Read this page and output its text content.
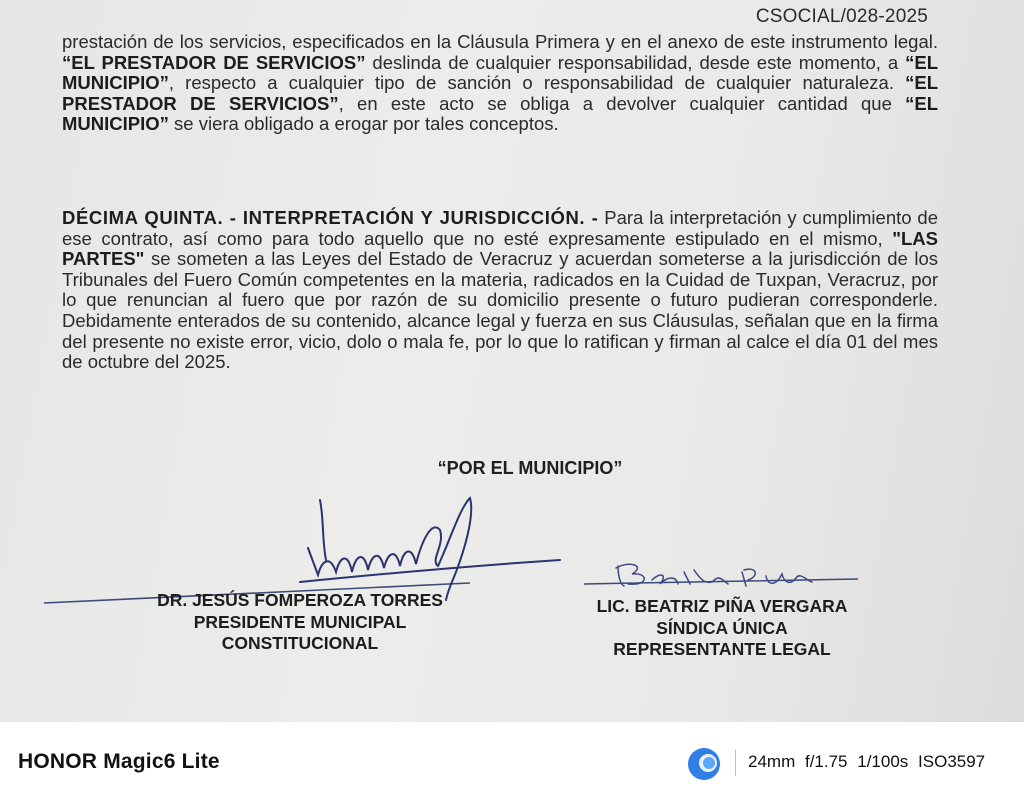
CSOCIAL/028-2025
prestación de los servicios, especificados en la Cláusula Primera y en el anexo de este instrumento legal. “EL PRESTADOR DE SERVICIOS” deslinda de cualquier responsabilidad, desde este momento, a “EL MUNICIPIO”, respecto a cualquier tipo de sanción o responsabilidad de cualquier naturaleza. “EL PRESTADOR DE SERVICIOS”, en este acto se obliga a devolver cualquier cantidad que “EL MUNICIPIO” se viera obligado a erogar por tales conceptos.
DÉCIMA QUINTA. - INTERPRETACIÓN Y JURISDICCIÓN. - Para la interpretación y cumplimiento de ese contrato, así como para todo aquello que no esté expresamente estipulado en el mismo, "LAS PARTES" se someten a las Leyes del Estado de Veracruz y acuerdan someterse a la jurisdicción de los Tribunales del Fuero Común competentes en la materia, radicados en la Cuidad de Tuxpan, Veracruz, por lo que renuncian al fuero que por razón de su domicilio presente o futuro pudieran corresponderle. Debidamente enterados de su contenido, alcance legal y fuerza en sus Cláusulas, señalan que en la firma del presente no existe error, vicio, dolo o mala fe, por lo que lo ratifican y firman al calce el día 01 del mes de octubre del 2025.
“POR EL MUNICIPIO”
DR. JESÚS FOMPEROZA TORRES
PRESIDENTE MUNICIPAL
CONSTITUCIONAL
LIC. BEATRIZ PIÑA VERGARA
SÍNDICA ÚNICA
REPRESENTANTE LEGAL
HONOR Magic6 Lite	24mm f/1.75 1/100s ISO3597
